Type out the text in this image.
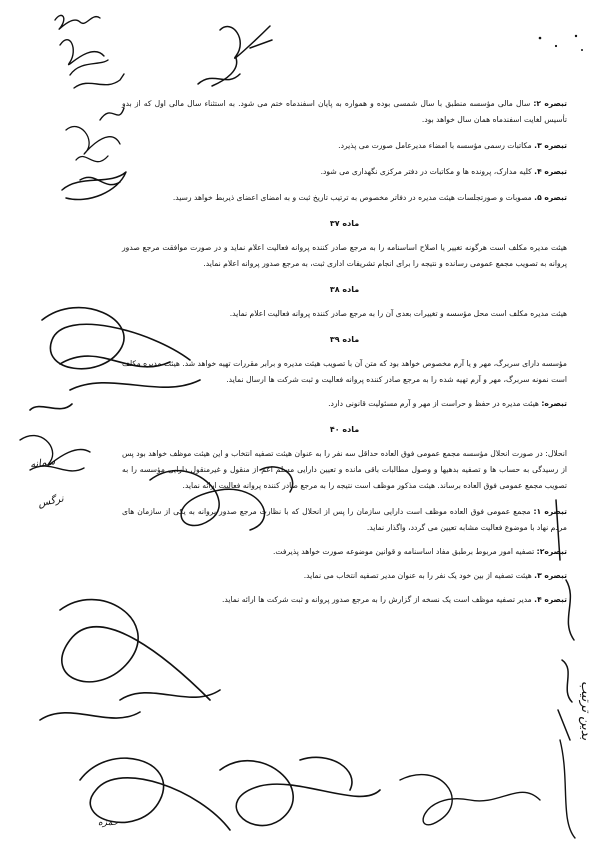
بدین ترتیب
سمانه
نرگس
حمزه

تبصره ۲: سال مالی مؤسسه منطبق با سال شمسی بوده و همواره به پایان اسفندماه ختم می شود. به استثناء سال مالی اول که از بدو تأسیس لغایت اسفندماه همان سال خواهد بود.

تبصره ۳. مکاتبات رسمی مؤسسه با امضاء مدیرعامل صورت می پذیرد.

تبصره ۴. کلیه مدارک، پرونده ها و مکاتبات در دفتر مرکزی نگهداری می شود.

تبصره ۵. مصوبات و صورتجلسات هیئت مدیره در دفاتر مخصوص به ترتیب تاریخ ثبت و به امضای اعضای ذیربط خواهد رسید.

ماده ۳۷

هیئت مدیره مکلف است هرگونه تغییر یا اصلاح اساسنامه را به مرجع صادر کننده پروانه فعالیت اعلام نماید و در صورت موافقت مرجع صدور پروانه به تصویب مجمع عمومی رسانده و نتیجه را برای انجام تشریفات اداری ثبت، به مرجع صدور پروانه اعلام نماید.

ماده ۳۸

هیئت مدیره مکلف است محل مؤسسه و تغییرات بعدی آن را به مرجع صادر کننده پروانه فعالیت اعلام نماید.

ماده ۳۹

مؤسسه دارای سربرگ، مهر و یا آرم مخصوص خواهد بود که متن آن با تصویب هیئت مدیره و برابر مقررات تهیه خواهد شد. هیئت مدیره مکلف است نمونه سربرگ، مهر و آرم تهیه شده را به مرجع صادر کننده پروانه فعالیت و ثبت شرکت ها ارسال نماید.

تبصره: هیئت مدیره در حفظ و حراست از مهر و آرم مسئولیت قانونی دارد.

ماده ۴۰

انحلال: در صورت انحلال مؤسسه مجمع عمومی فوق العاده حداقل سه نفر را به عنوان هیئت تصفیه انتخاب و این هیئت موظف خواهد بود پس از رسیدگی به حساب ها و تصفیه بدهیها و وصول مطالبات باقی مانده و تعیین دارایی مسلم اعم از منقول و غیرمنقول دارایی مؤسسه را به تصویب مجمع عمومی فوق العاده برساند. هیئت مذکور موظف است نتیجه را به مرجع صادر کننده پروانه فعالیت ارائه نماید.

تبصره ۱: مجمع عمومی فوق العاده موظف است دارایی سازمان را پس از انحلال که با نظارت مرجع صدور پروانه به یکی از سازمان های مردم نهاد با موضوع فعالیت مشابه تعیین می گردد، واگذار نماید.

تبصره۲: تصفیه امور مربوط برطبق مفاد اساسنامه و قوانین موضوعه صورت خواهد پذیرفت.

تبصره ۳. هیئت تصفیه از بین خود یک نفر را به عنوان مدیر تصفیه انتخاب می نماید.

تبصره ۴. مدیر تصفیه موظف است یک نسخه از گزارش را به مرجع صدور پروانه و ثبت شرکت ها ارائه نماید.
